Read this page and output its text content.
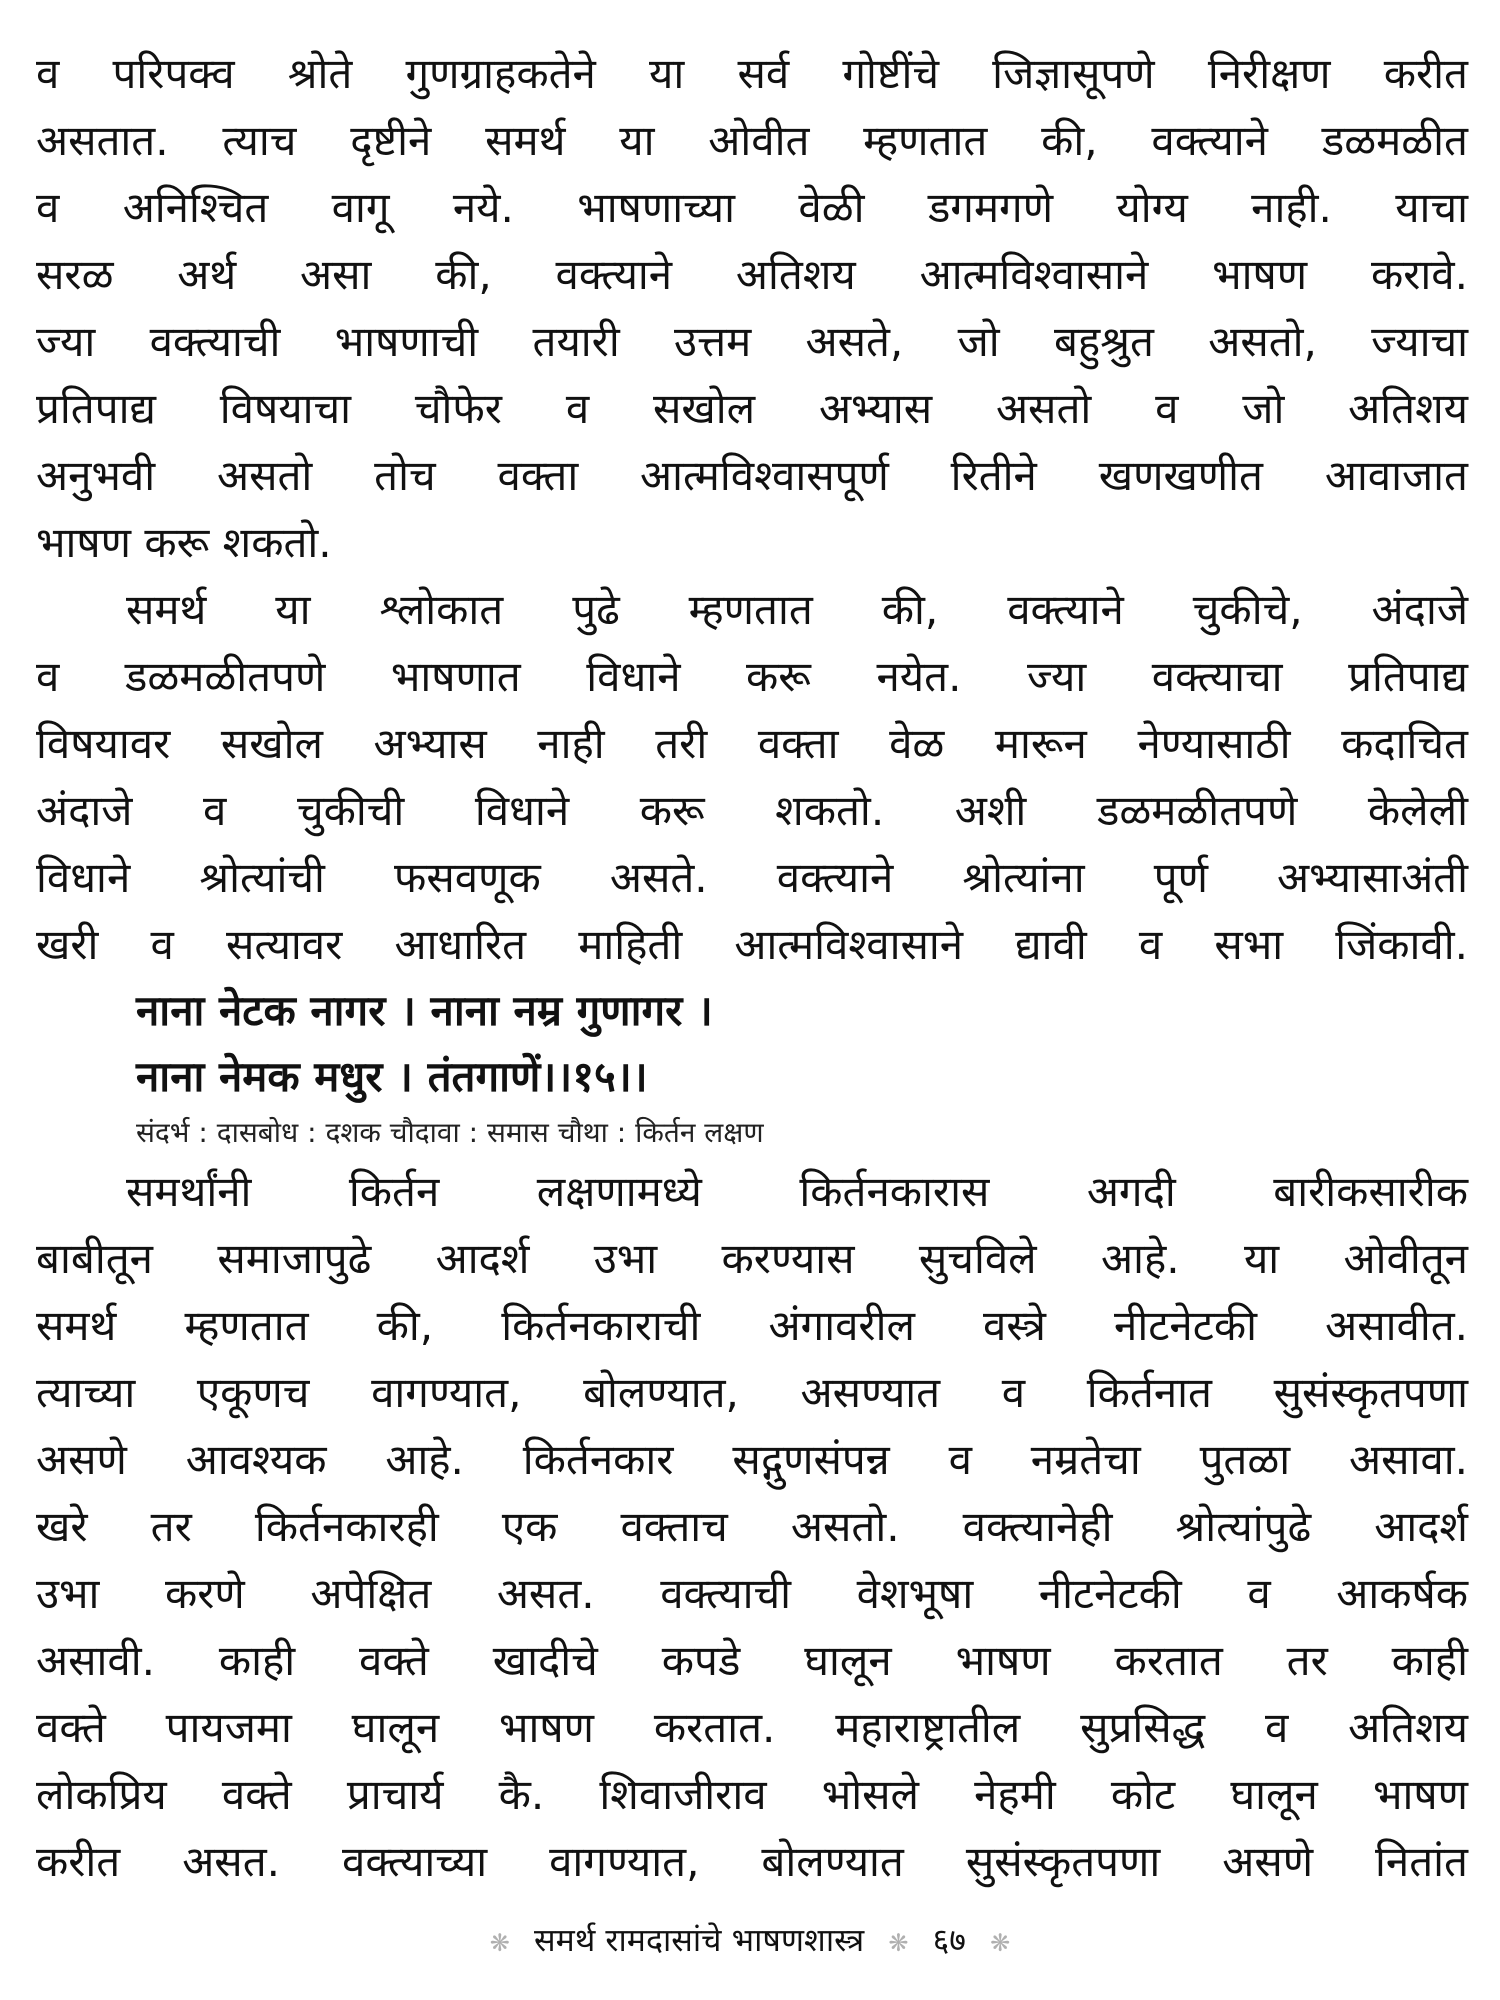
व परिपक्व श्रोते गुणग्राहकतेने या सर्व गोष्टींचे जिज्ञासूपणे निरीक्षण करीत
असतात. त्याच दृष्टीने समर्थ या ओवीत म्हणतात की, वक्त्याने डळमळीत
व अनिश्चित वागू नये. भाषणाच्या वेळी डगमगणे योग्य नाही. याचा
सरळ अर्थ असा की, वक्त्याने अतिशय आत्मविश्वासाने भाषण करावे.
ज्या वक्त्याची भाषणाची तयारी उत्तम असते, जो बहुश्रुत असतो, ज्याचा
प्रतिपाद्य विषयाचा चौफेर व सखोल अभ्यास असतो व जो अतिशय
अनुभवी असतो तोच वक्ता आत्मविश्वासपूर्ण रितीने खणखणीत आवाजात
भाषण करू शकतो.
समर्थ या श्लोकात पुढे म्हणतात की, वक्त्याने चुकीचे, अंदाजे
व डळमळीतपणे भाषणात विधाने करू नयेत. ज्या वक्त्याचा प्रतिपाद्य
विषयावर सखोल अभ्यास नाही तरी वक्ता वेळ मारून नेण्यासाठी कदाचित
अंदाजे व चुकीची विधाने करू शकतो. अशी डळमळीतपणे केलेली
विधाने श्रोत्यांची फसवणूक असते. वक्त्याने श्रोत्यांना पूर्ण अभ्यासाअंती
खरी व सत्यावर आधारित माहिती आत्मविश्वासाने द्यावी व सभा जिंकावी.
नाना नेटक नागर । नाना नम्र गुणागर ।
नाना नेमक मधुर । तंतगाणें।।१५।।
संदर्भ : दासबोध : दशक चौदावा : समास चौथा : किर्तन लक्षण
समर्थांनी किर्तन लक्षणामध्ये किर्तनकारास अगदी बारीकसारीक
बाबीतून समाजापुढे आदर्श उभा करण्यास सुचविले आहे. या ओवीतून
समर्थ म्हणतात की, किर्तनकाराची अंगावरील वस्त्रे नीटनेटकी असावीत.
त्याच्या एकूणच वागण्यात, बोलण्यात, असण्यात व किर्तनात सुसंस्कृतपणा
असणे आवश्यक आहे. किर्तनकार सद्गुणसंपन्न व नम्रतेचा पुतळा असावा.
खरे तर किर्तनकारही एक वक्ताच असतो. वक्त्यानेही श्रोत्यांपुढे आदर्श
उभा करणे अपेक्षित असत. वक्त्याची वेशभूषा नीटनेटकी व आकर्षक
असावी. काही वक्ते खादीचे कपडे घालून भाषण करतात तर काही
वक्ते पायजमा घालून भाषण करतात. महाराष्ट्रातील सुप्रसिद्ध व अतिशय
लोकप्रिय वक्ते प्राचार्य कै. शिवाजीराव भोसले नेहमी कोट घालून भाषण
करीत असत. वक्त्याच्या वागण्यात, बोलण्यात सुसंस्कृतपणा असणे नितांत
❋ समर्थ रामदासांचे भाषणशास्त्र ❋ ६७ ❋
